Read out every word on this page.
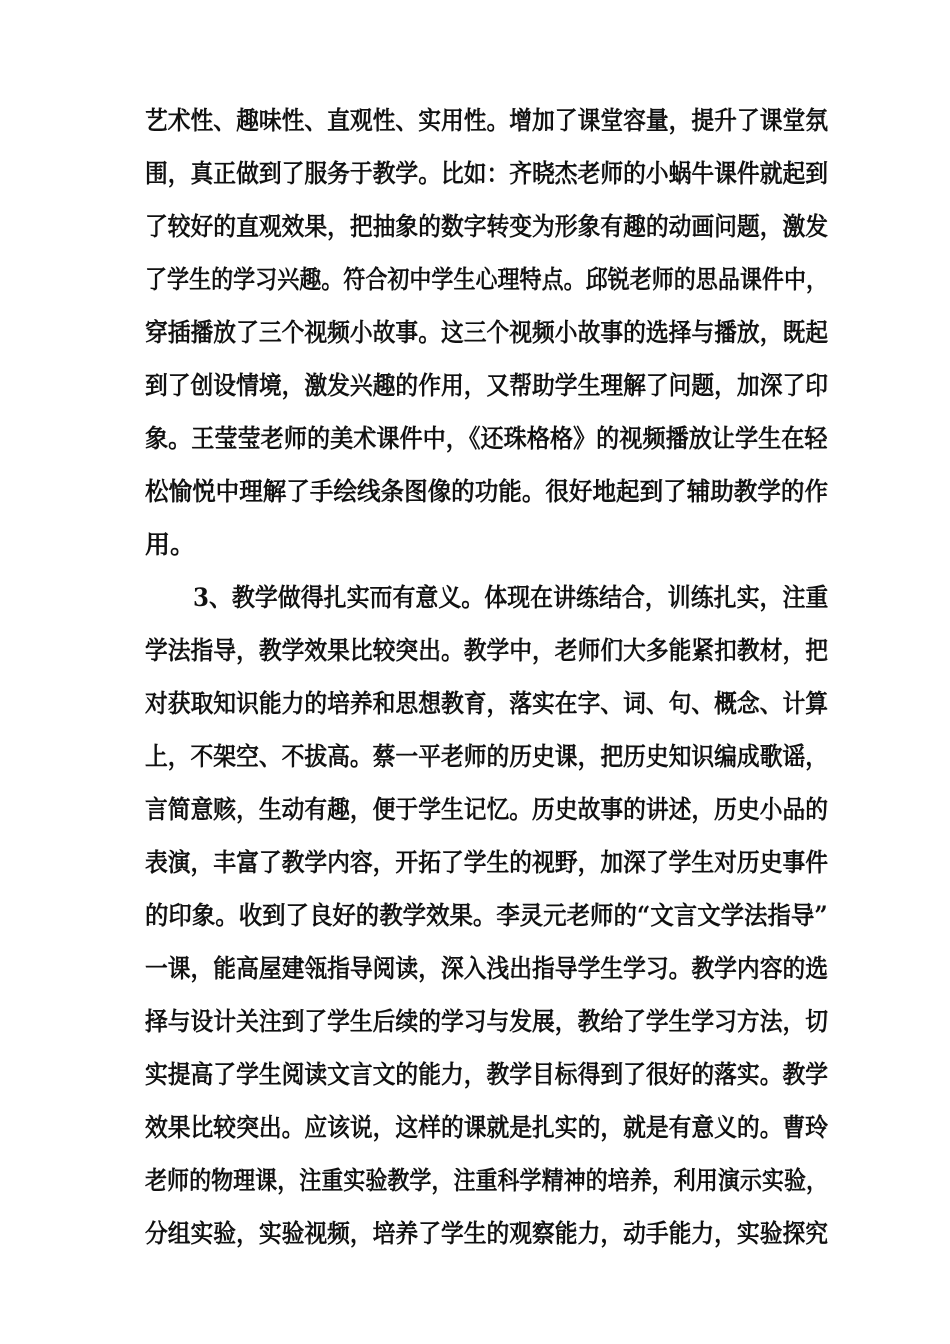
艺术性、趣味性、直观性、实用性。增加了课堂容量，提升了课堂氛
围，真正做到了服务于教学。比如：齐晓杰老师的小蜗牛课件就起到
了较好的直观效果，把抽象的数字转变为形象有趣的动画问题，激发
了学生的学习兴趣。符合初中学生心理特点。邱锐老师的思品课件中，
穿插播放了三个视频小故事。这三个视频小故事的选择与播放，既起
到了创设情境，激发兴趣的作用，又帮助学生理解了问题，加深了印
象。王莹莹老师的美术课件中，《还珠格格》的视频播放让学生在轻
松愉悦中理解了手绘线条图像的功能。很好地起到了辅助教学的作
用。
3、教学做得扎实而有意义。体现在讲练结合，训练扎实，注重
学法指导，教学效果比较突出。教学中，老师们大多能紧扣教材，把
对获取知识能力的培养和思想教育，落实在字、词、句、概念、计算
上，不架空、不拔高。蔡一平老师的历史课，把历史知识编成歌谣，
言简意赅，生动有趣，便于学生记忆。历史故事的讲述，历史小品的
表演，丰富了教学内容，开拓了学生的视野，加深了学生对历史事件
的印象。收到了良好的教学效果。李灵元老师的“文言文学法指导”
一课，能高屋建瓴指导阅读，深入浅出指导学生学习。教学内容的选
择与设计关注到了学生后续的学习与发展，教给了学生学习方法，切
实提高了学生阅读文言文的能力，教学目标得到了很好的落实。教学
效果比较突出。应该说，这样的课就是扎实的，就是有意义的。曹玲
老师的物理课，注重实验教学，注重科学精神的培养，利用演示实验，
分组实验，实验视频，培养了学生的观察能力，动手能力，实验探究
